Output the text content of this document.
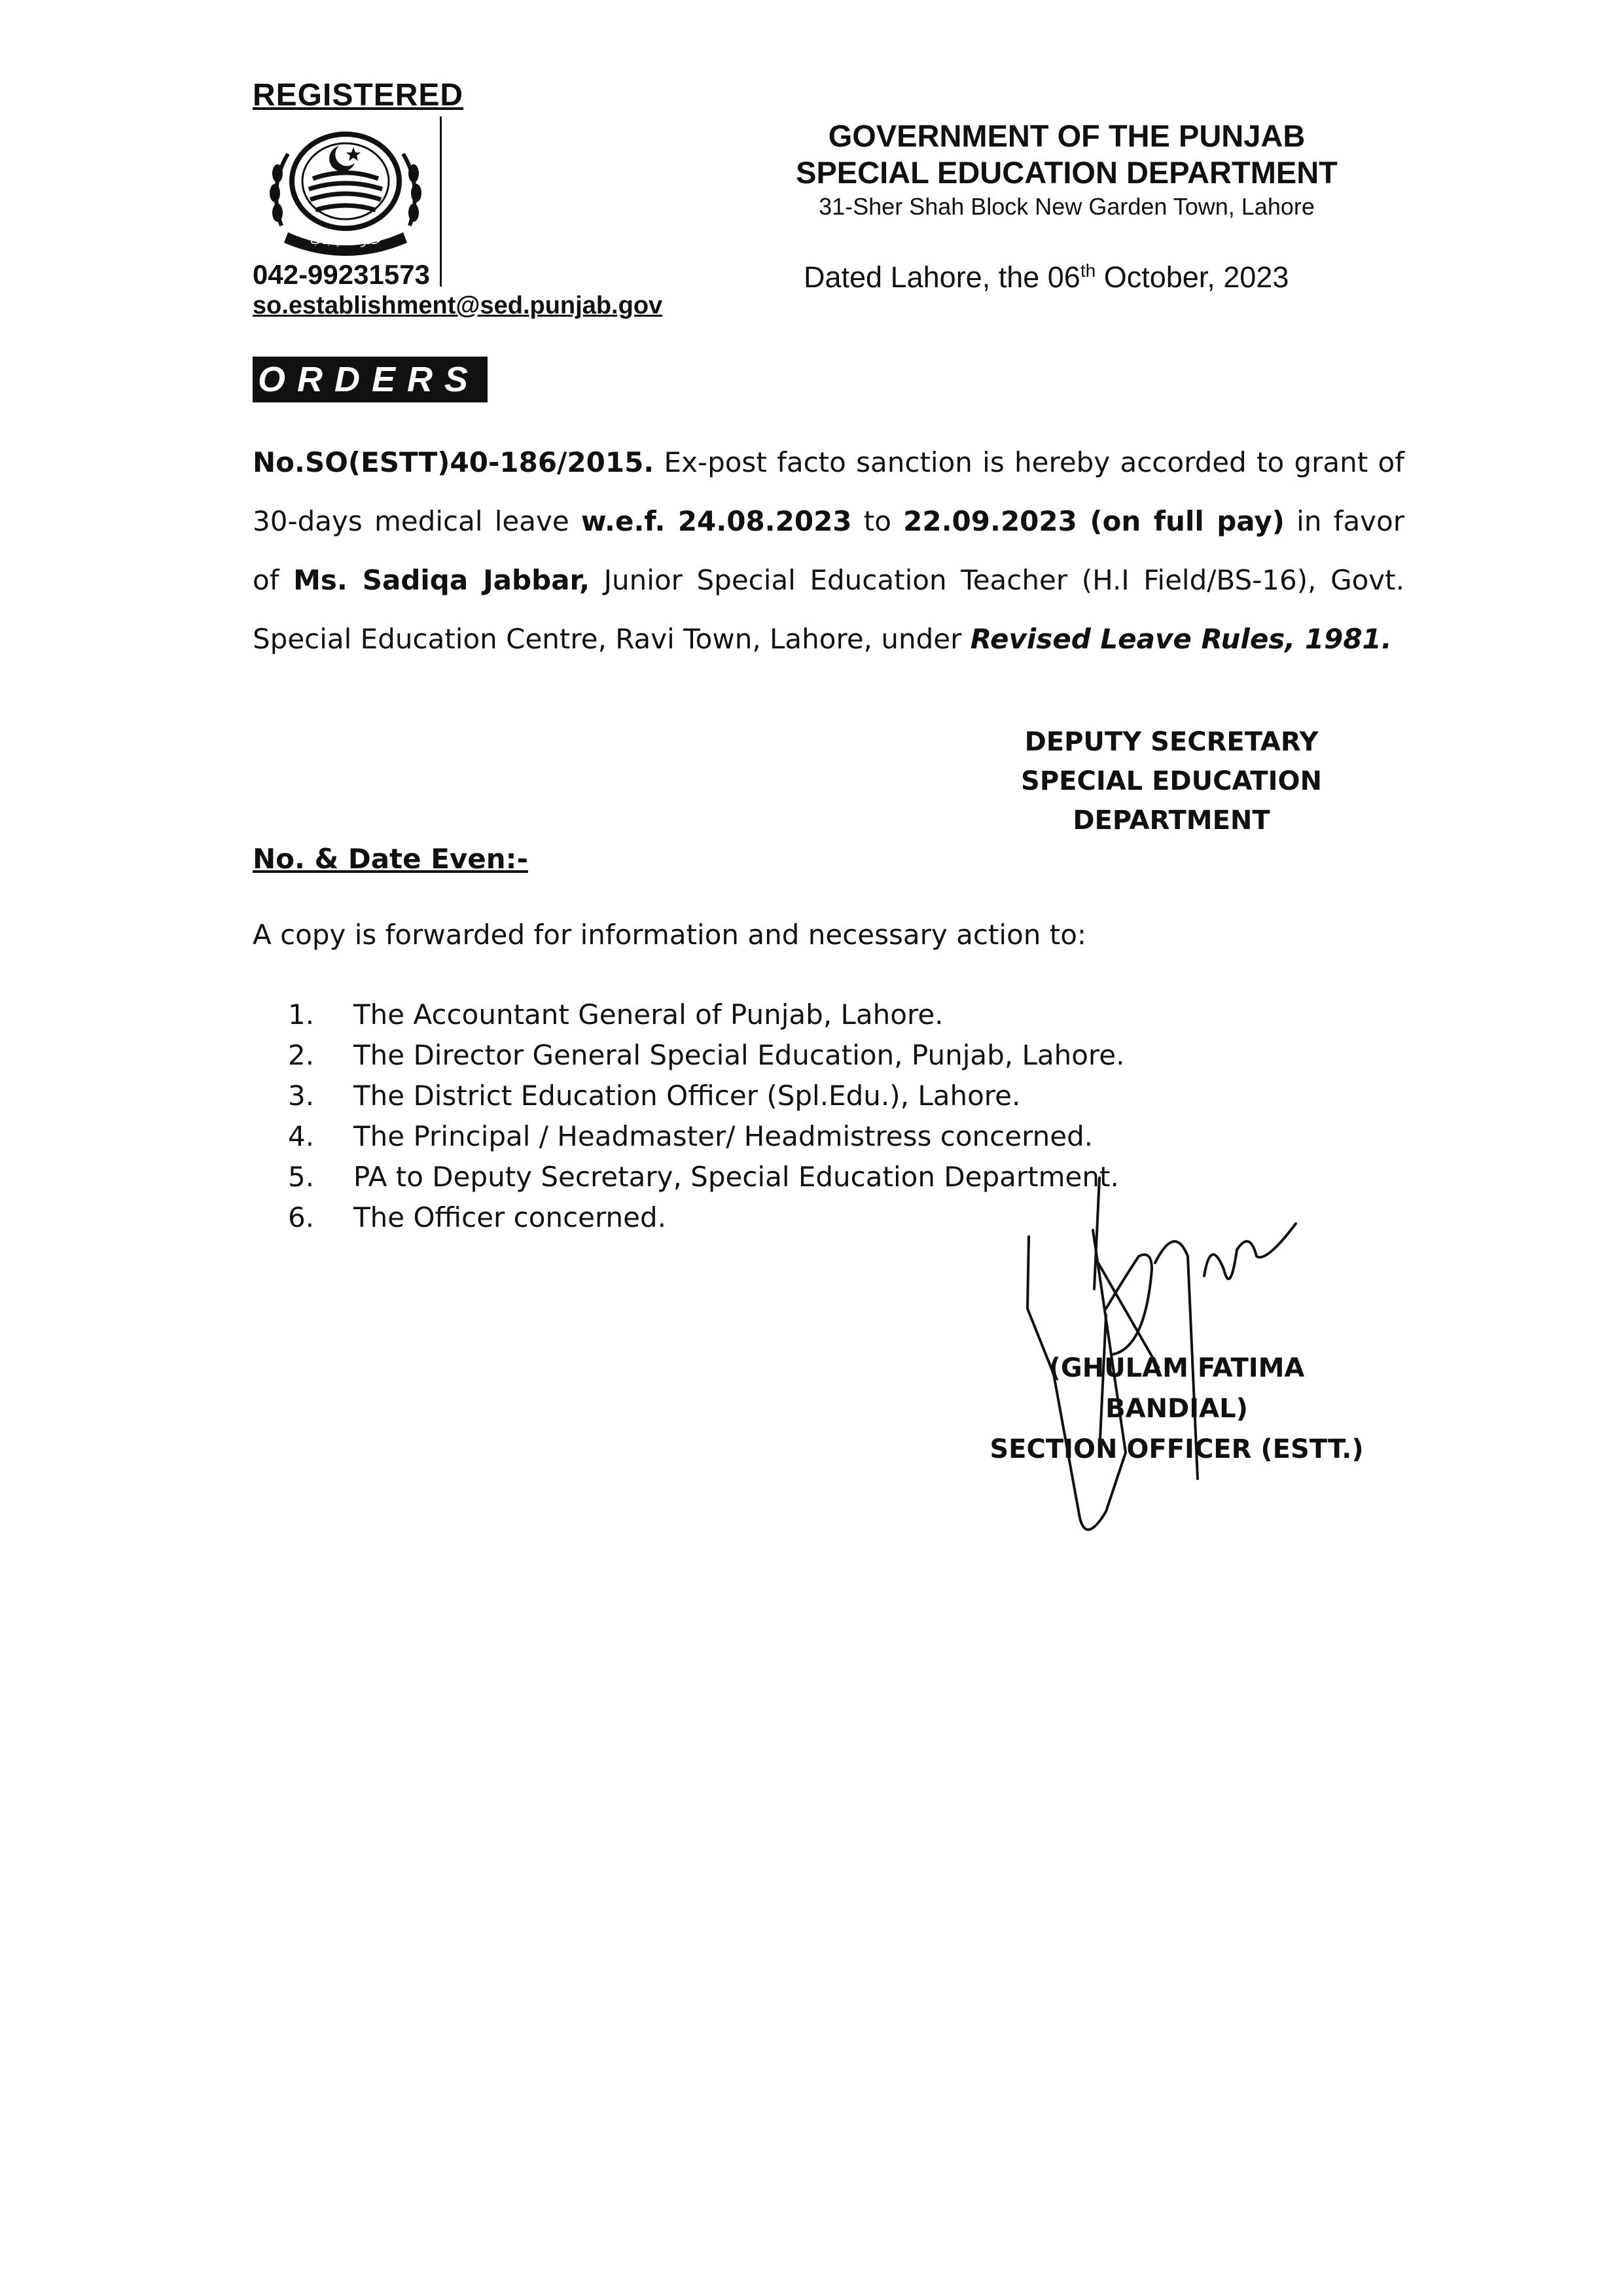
REGISTERED
حکومت پنجاب
042-99231573
so.establishment@sed.punjab.gov
GOVERNMENT OF THE PUNJAB
SPECIAL EDUCATION DEPARTMENT
31-Sher Shah Block New Garden Town, Lahore
Dated Lahore, the 06th October, 2023
ORDERS
No.SO(ESTT)40-186/2015. Ex-post facto sanction is hereby accorded to grant of 30-days medical leave w.e.f. 24.08.2023 to 22.09.2023 (on full pay) in favor of Ms. Sadiqa Jabbar, Junior Special Education Teacher (H.I Field/BS-16), Govt. Special Education Centre, Ravi Town, Lahore, under Revised Leave Rules, 1981.
DEPUTY SECRETARY
SPECIAL EDUCATION
DEPARTMENT
No. & Date Even:-
A copy is forwarded for information and necessary action to:
1.	The Accountant General of Punjab, Lahore.
2.	The Director General Special Education, Punjab, Lahore.
3.	The District Education Officer (Spl.Edu.), Lahore.
4.	The Principal / Headmaster/ Headmistress concerned.
5.	PA to Deputy Secretary, Special Education Department.
6.	The Officer concerned.
(GHULAM FATIMA BANDIAL)
SECTION OFFICER (ESTT.)
